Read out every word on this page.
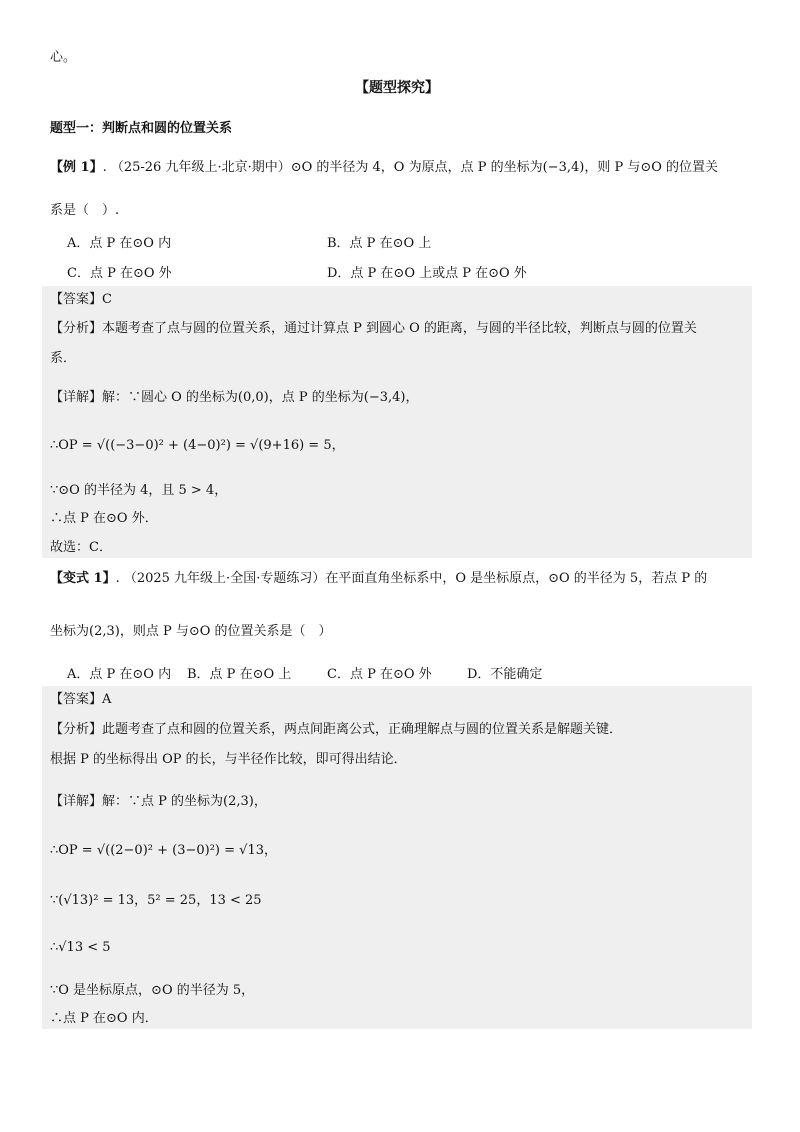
心。
【题型探究】
题型一：判断点和圆的位置关系
【例 1】. （25-26 九年级上·北京·期中）⊙O 的半径为 4，O 为原点，点 P 的坐标为(−3,4)，则 P 与⊙O 的位置关
系是（　）.
A．点 P 在⊙O 内	B．点 P 在⊙O 上
C．点 P 在⊙O 外	D．点 P 在⊙O 上或点 P 在⊙O 外
【答案】C
【分析】本题考查了点与圆的位置关系，通过计算点 P 到圆心 O 的距离，与圆的半径比较，判断点与圆的位置关
系．
【详解】解：∵圆心 O 的坐标为(0,0)，点 P 的坐标为(−3,4)，
∴OP = √((−3−0)² + (4−0)²) = √(9+16) = 5，
∵⊙O 的半径为 4，且 5 > 4，
∴点 P 在⊙O 外．
故选：C．
【变式 1】. （2025 九年级上·全国·专题练习）在平面直角坐标系中，O 是坐标原点，⊙O 的半径为 5，若点 P 的
坐标为(2,3)，则点 P 与⊙O 的位置关系是（　）
A．点 P 在⊙O 内 B．点 P 在⊙O 上	C．点 P 在⊙O 外	D．不能确定
【答案】A
【分析】此题考查了点和圆的位置关系，两点间距离公式，正确理解点与圆的位置关系是解题关键．
根据 P 的坐标得出 OP 的长，与半径作比较，即可得出结论．
【详解】解：∵点 P 的坐标为(2,3)，
∴OP = √((2−0)² + (3−0)²) = √13，
∵(√13)² = 13，5² = 25，13 < 25
∴√13 < 5
∵O 是坐标原点，⊙O 的半径为 5，
∴点 P 在⊙O 内．
